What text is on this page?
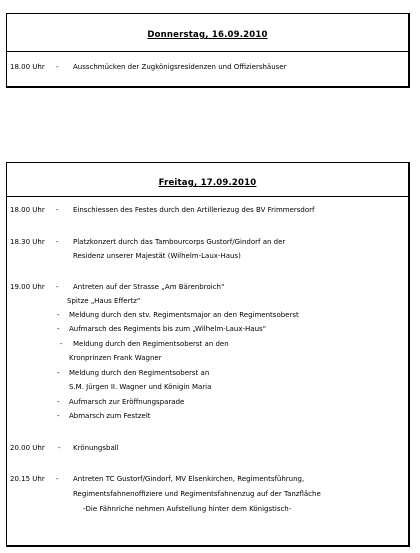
Donnerstag, 16.09.2010
18.00 Uhr - Ausschmücken der Zugkönigsresidenzen und Offiziershäuser
Freitag, 17.09.2010
18.00 Uhr - Einschiessen des Festes durch den Artilleriezug des BV Frimmersdorf
18.30 Uhr - Platzkonzert durch das Tambourcorps Gustorf/Gindorf an der
Residenz unserer Majestät (Wilhelm-Laux-Haus)
19.00 Uhr - Antreten auf der Strasse „Am Bärenbroich“
Spitze „Haus Effertz“
- Meldung durch den stv. Regimentsmajor an den Regimentsoberst
- Aufmarsch des Regiments bis zum „Wilhelm-Laux-Haus“
- Meldung durch den Regimentsoberst an den
Kronprinzen Frank Wagner
- Meldung durch den Regimentsoberst an
S.M. Jürgen II. Wagner und Königin Maria
- Aufmarsch zur Eröffnungsparade
- Abmarsch zum Festzelt
20.00 Uhr - Krönungsball
20.15 Uhr - Antreten TC Gustorf/Gindorf, MV Elsenkirchen, Regimentsführung,
Regimentsfahnenoffiziere und Regimentsfahnenzug auf der Tanzfläche
-Die Fähnriche nehmen Aufstellung hinter dem Königstisch-
